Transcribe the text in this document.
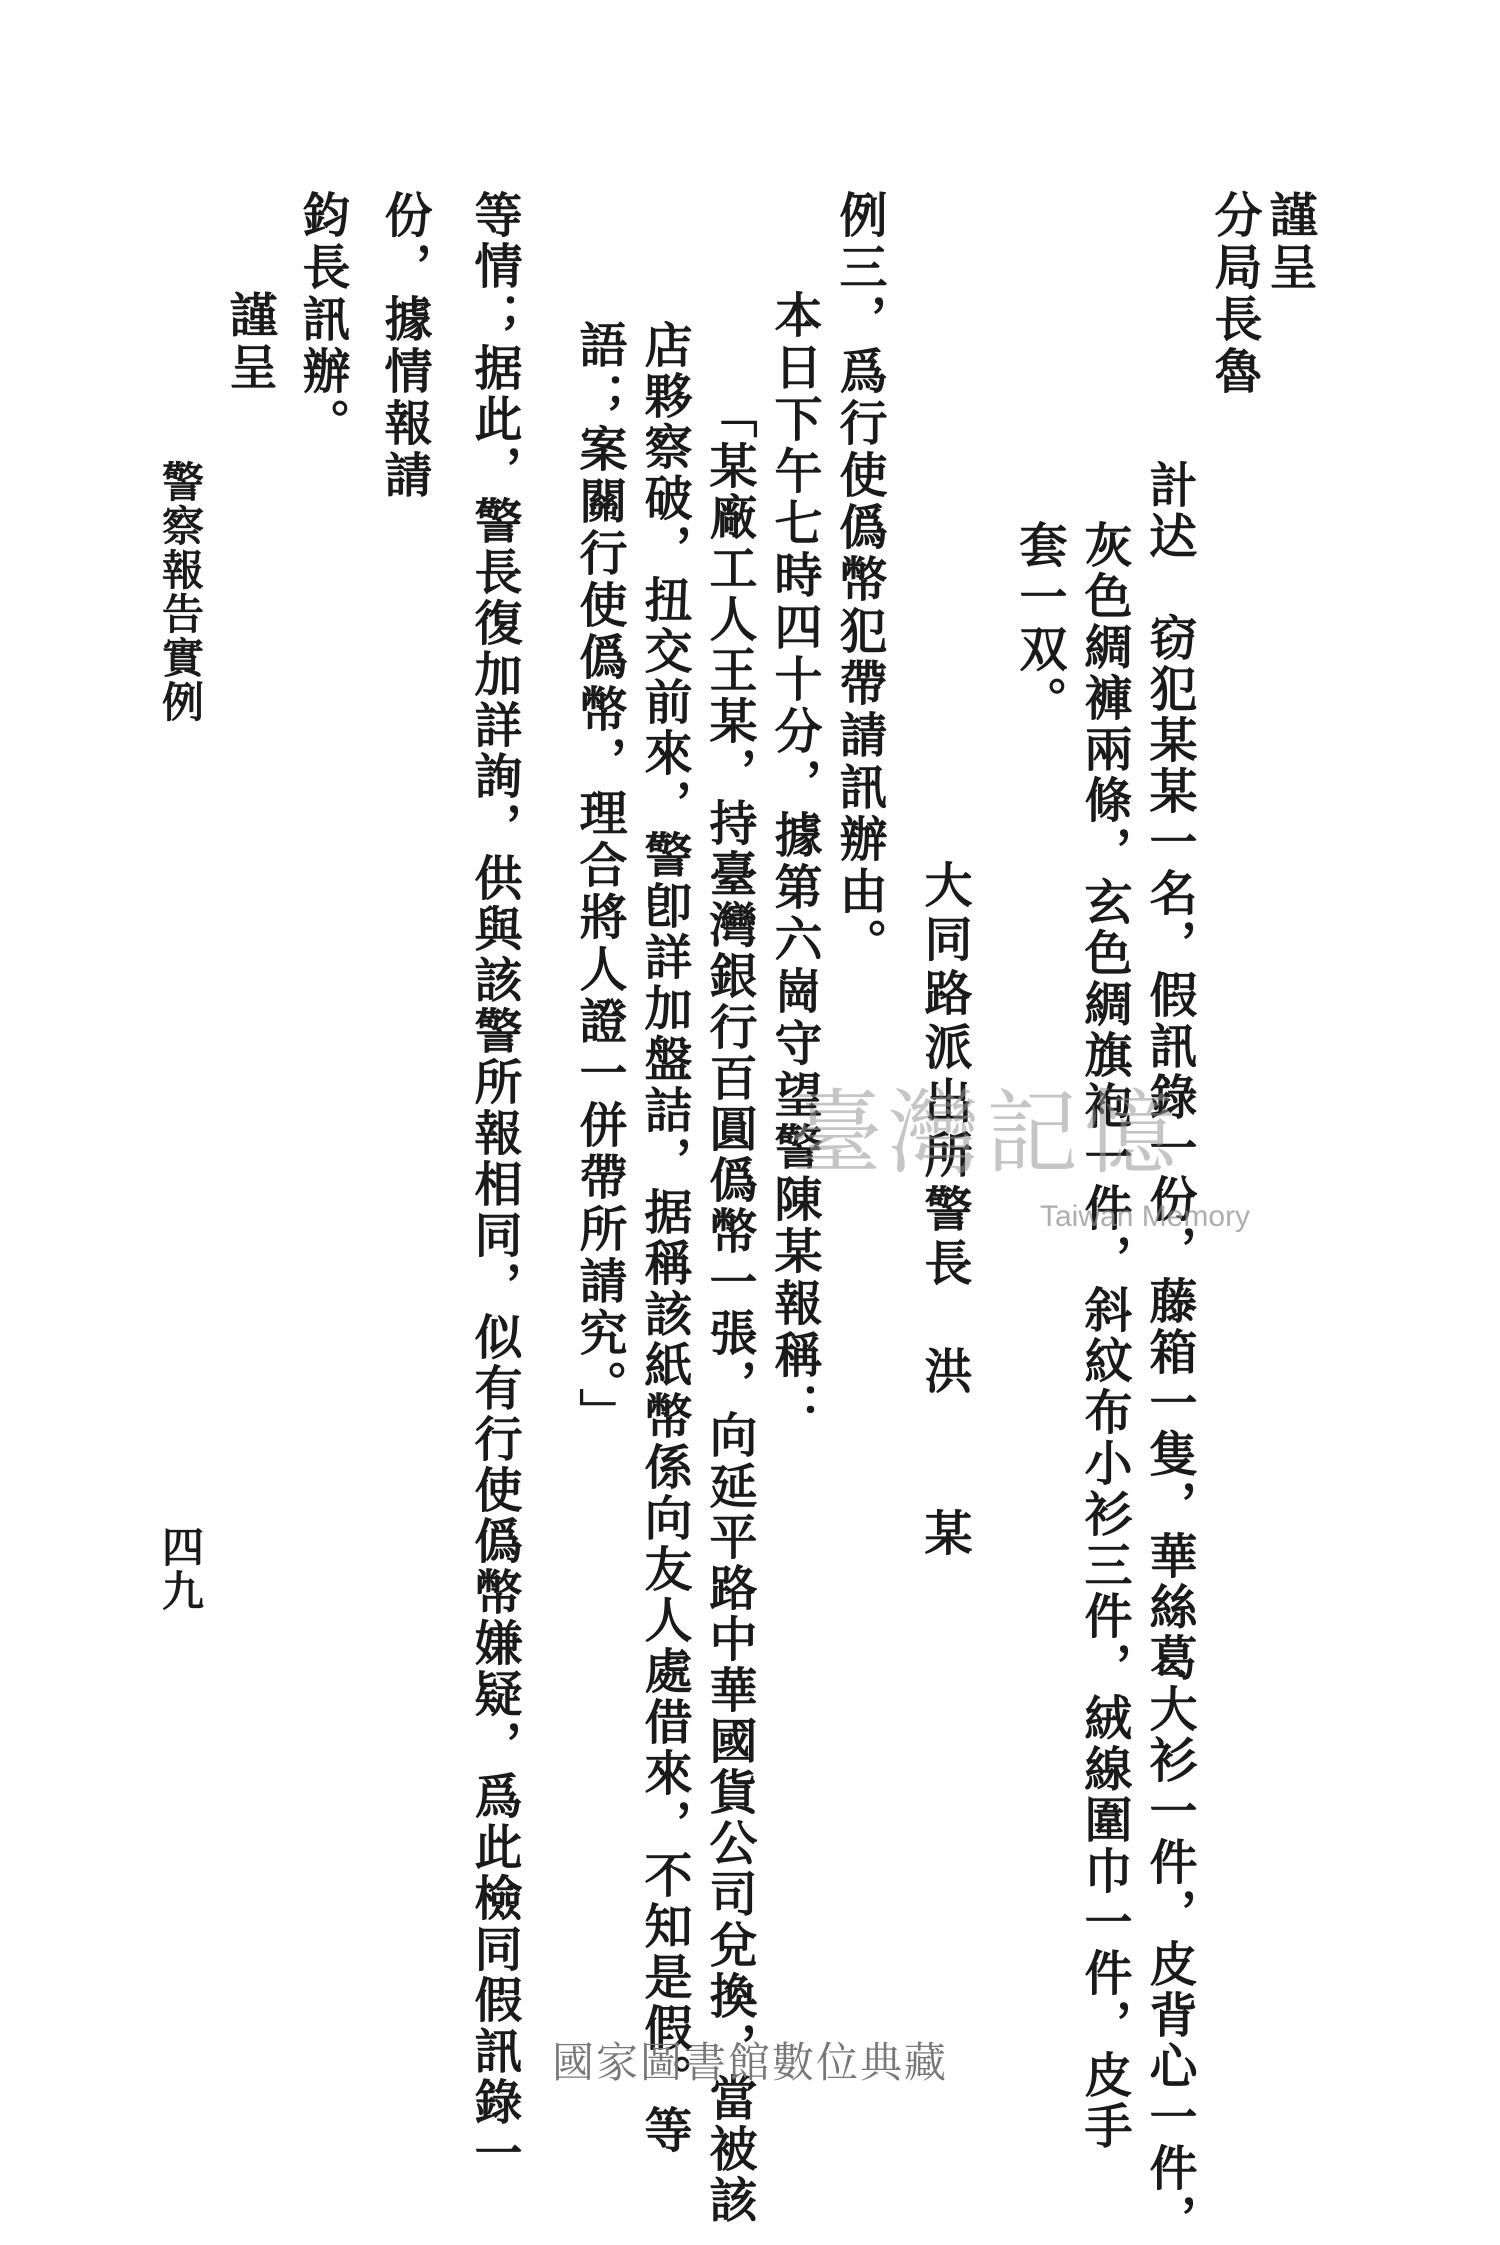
謹呈
分局長魯
計迖　窃犯某某一名，假訊錄一份，藤箱一隻，華絲葛大衫一件，皮背心一件，
灰色綢褲兩條，玄色綢旗袍一件，斜紋布小衫三件，絨線圍巾一件，皮手
套一双。
大同路派出所警長　洪　　某
例三，爲行使僞幣犯帶請訊辦由。
本日下午七時四十分，據第六崗守望警陳某報稱：
「某廠工人王某，持臺灣銀行百圓僞幣一張，向延平路中華國貨公司兌換，當被該
店夥察破，扭交前來，警卽詳加盤詰，据稱該紙幣係向友人處借來，不知是假。等
語；案關行使僞幣，理合將人證一併帶所請究。」
等情；据此，警長復加詳詢，供與該警所報相同，似有行使僞幣嫌疑，爲此檢同假訊錄一
份，據情報請
鈞長訊辦。
謹呈
警察報告實例
四九
臺灣記憶
Taiwan Memory
國家圖書館數位典藏
